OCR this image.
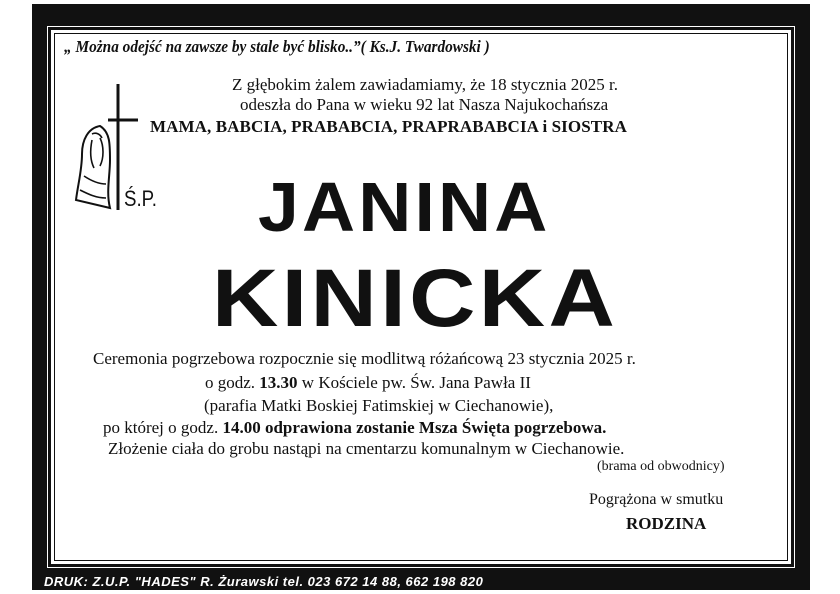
„ Można odejść na zawsze by stale być blisko..”( Ks.J. Twardowski )
Z głębokim żalem zawiadamiamy, że 18 stycznia 2025 r.
odeszła do Pana w wieku 92 lat Nasza Najukochańsza
MAMA, BABCIA, PRABABCIA, PRAPRABABCIA i SIOSTRA
Ś.P. JANINA
KINICKA
Ceremonia pogrzebowa rozpocznie się modlitwą różańcową 23 stycznia 2025 r.
o godz. 13.30 w Kościele pw. Św. Jana Pawła II
(parafia Matki Boskiej Fatimskiej w Ciechanowie),
po której o godz. 14.00 odprawiona zostanie Msza Święta pogrzebowa.
Złożenie ciała do grobu nastąpi na cmentarzu komunalnym w Ciechanowie.
(brama od obwodnicy)
Pogrążona w smutku
RODZINA
DRUK: Z.U.P. "HADES" R. Żurawski tel. 023 672 14 88, 662 198 820
